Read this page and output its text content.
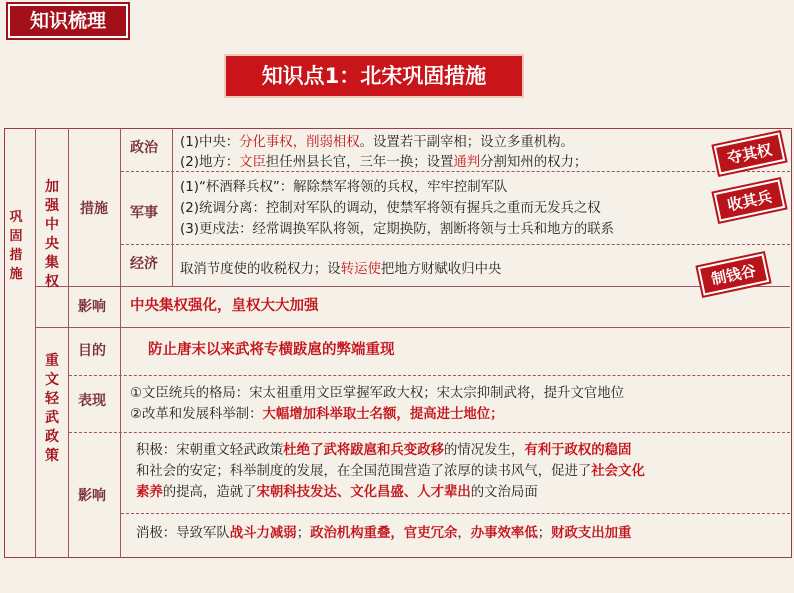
知识梳理
知识点1：北宋巩固措施
巩固措施
加强中央集权
重文轻武政策
措施
政治
军事
经济
影响
目的
表现
影响
(1)中央：分化事权，削弱相权。设置若干副宰相；设立多重机构。
(2)地方：文臣担任州县长官，三年一换；设置通判分割知州的权力；
(1)“杯酒释兵权”：解除禁军将领的兵权，牢牢控制军队
(2)统调分离：控制对军队的调动，使禁军将领有握兵之重而无发兵之权
(3)更戍法：经常调换军队将领，定期换防，割断将领与士兵和地方的联系
取消节度使的收税权力；设转运使把地方财赋收归中央
中央集权强化，皇权大大加强
防止唐末以来武将专横跋扈的弊端重现
①文臣统兵的格局：宋太祖重用文臣掌握军政大权；宋太宗抑制武将，提升文官地位
②改革和发展科举制：大幅增加科举取士名额，提高进士地位；
积极：宋朝重文轻武政策杜绝了武将跋扈和兵变政移的情况发生，有利于政权的稳固
和社会的安定；科举制度的发展，在全国范围营造了浓厚的读书风气，促进了社会文化
素养的提高，造就了宋朝科技发达、文化昌盛、人才辈出的文治局面
消极：导致军队战斗力减弱；政治机构重叠，官吏冗余，办事效率低；财政支出加重
夺其权
收其兵
制钱谷
